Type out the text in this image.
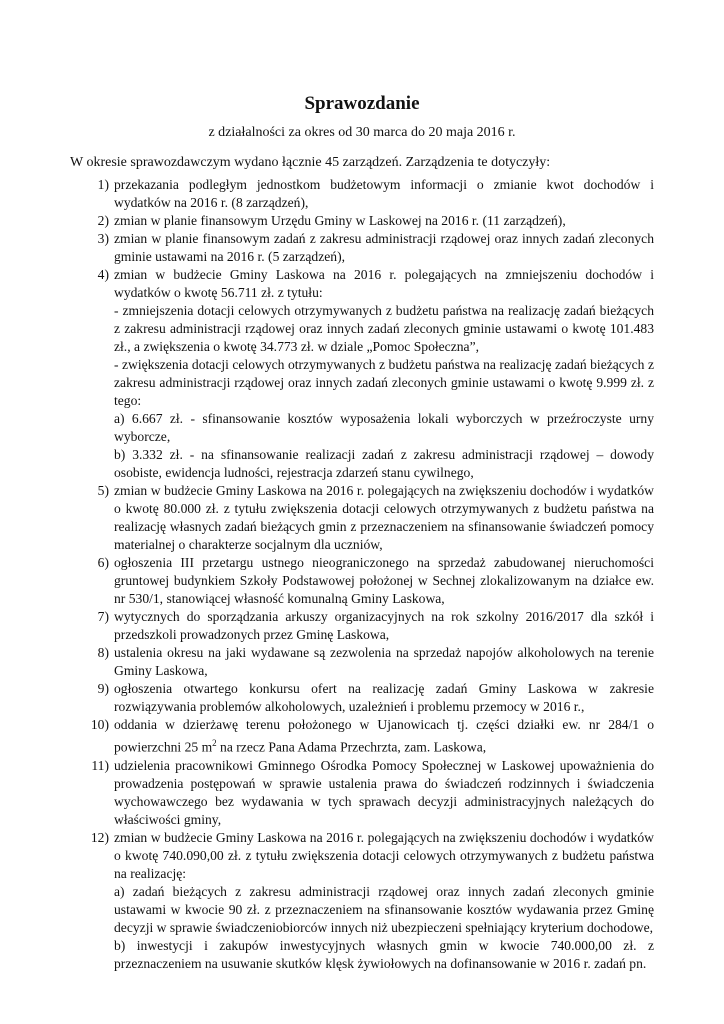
Sprawozdanie
z działalności za okres od 30 marca do 20 maja 2016 r.
W okresie sprawozdawczym wydano łącznie 45 zarządzeń. Zarządzenia te dotyczyły:
1) przekazania podległym jednostkom budżetowym informacji o zmianie kwot dochodów i wydatków na 2016 r. (8 zarządzeń),

2) zmian w planie finansowym Urzędu Gminy w Laskowej na 2016 r. (11 zarządzeń),

3) zmian w planie finansowym zadań z zakresu administracji rządowej oraz innych zadań zleconych gminie ustawami na 2016 r. (5 zarządzeń),

4) zmian w budżecie Gminy Laskowa na 2016 r. polegających na zmniejszeniu dochodów i wydatków o kwotę 56.711 zł. z tytułu:

- zmniejszenia dotacji celowych otrzymywanych z budżetu państwa na realizację zadań bieżących z zakresu administracji rządowej oraz innych zadań zleconych gminie ustawami o kwotę 101.483 zł., a zwiększenia o kwotę 34.773 zł. w dziale „Pomoc Społeczna”,

- zwiększenia dotacji celowych otrzymywanych z budżetu państwa na realizację zadań bieżących z zakresu administracji rządowej oraz innych zadań zleconych gminie ustawami o kwotę 9.999 zł. z tego:

a) 6.667 zł. - sfinansowanie kosztów wyposażenia lokali wyborczych w przeźroczyste urny wyborcze,

b) 3.332 zł. - na sfinansowanie realizacji zadań z zakresu administracji rządowej – dowody osobiste, ewidencja ludności, rejestracja zdarzeń stanu cywilnego,

5) zmian w budżecie Gminy Laskowa na 2016 r. polegających na zwiększeniu dochodów i wydatków o kwotę 80.000 zł. z tytułu zwiększenia dotacji celowych otrzymywanych z budżetu państwa na realizację własnych zadań bieżących gmin z przeznaczeniem na sfinansowanie świadczeń pomocy materialnej o charakterze socjalnym dla uczniów,

6) ogłoszenia III przetargu ustnego nieograniczonego na sprzedaż zabudowanej nieruchomości gruntowej budynkiem Szkoły Podstawowej położonej w Sechnej zlokalizowanym na działce ew. nr 530/1, stanowiącej własność komunalną Gminy Laskowa,

7) wytycznych do sporządzania arkuszy organizacyjnych na rok szkolny 2016/2017 dla szkół i przedszkoli prowadzonych przez Gminę Laskowa,

8) ustalenia okresu na jaki wydawane są zezwolenia na sprzedaż napojów alkoholowych na terenie Gminy Laskowa,

9) ogłoszenia otwartego konkursu ofert na realizację zadań Gminy Laskowa w zakresie rozwiązywania problemów alkoholowych, uzależnień i problemu przemocy w 2016 r.,

10) oddania w dzierżawę terenu położonego w Ujanowicach tj. części działki ew. nr 284/1 o powierzchni 25 $m^2$ na rzecz Pana Adama Przechrzta, zam. Laskowa,

11) udzielenia pracownikowi Gminnego Ośrodka Pomocy Społecznej w Laskowej upoważnienia do prowadzenia postępowań w sprawie ustalenia prawa do świadczeń rodzinnych i świadczenia wychowawczego bez wydawania w tych sprawach decyzji administracyjnych należących do właściwości gminy,

12) zmian w budżecie Gminy Laskowa na 2016 r. polegających na zwiększeniu dochodów i wydatków o kwotę 740.090,00 zł. z tytułu zwiększenia dotacji celowych otrzymywanych z budżetu państwa na realizację:

a) zadań bieżących z zakresu administracji rządowej oraz innych zadań zleconych gminie ustawami w kwocie 90 zł. z przeznaczeniem na sfinansowanie kosztów wydawania przez Gminę decyzji w sprawie świadczeniobiorców innych niż ubezpieczeni spełniający kryterium dochodowe,

b) inwestycji i zakupów inwestycyjnych własnych gmin w kwocie 740.000,00 zł. z przeznaczeniem na usuwanie skutków klęsk żywiołowych na dofinansowanie w 2016 r. zadań pn.
